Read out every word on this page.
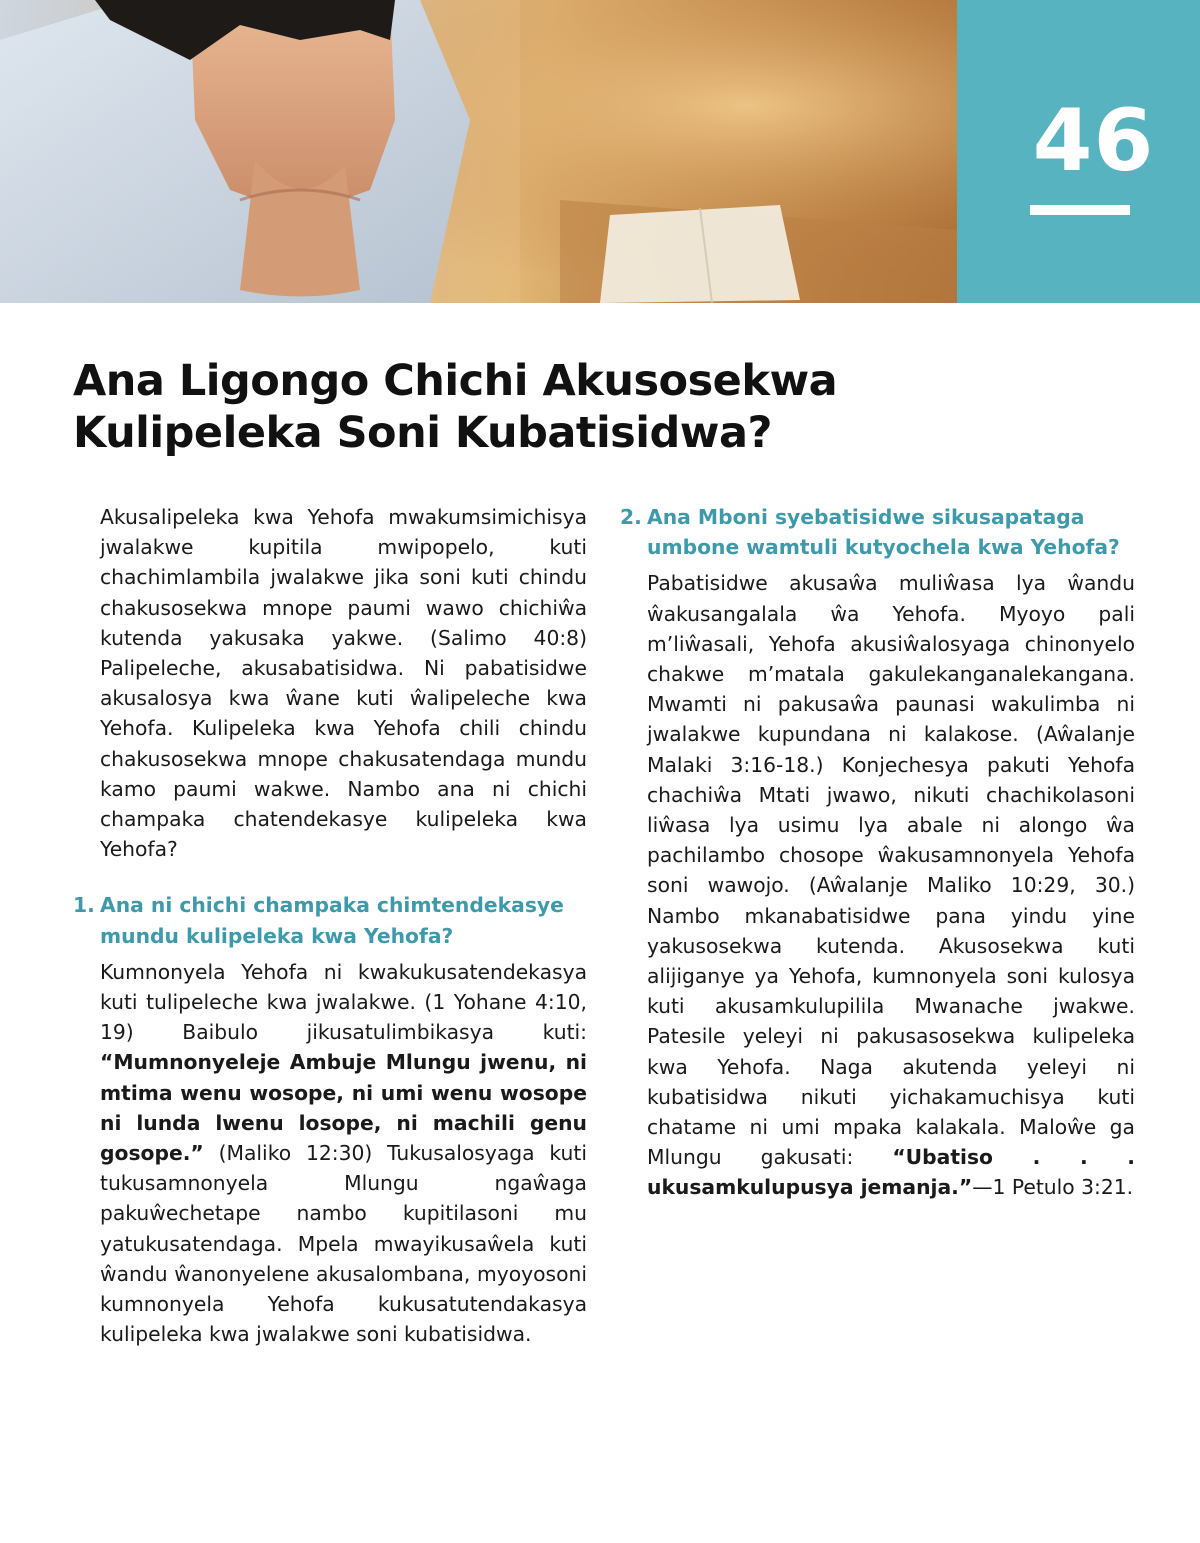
46
Ana Ligongo Chichi Akusosekwa
Kulipeleka Soni Kubatisidwa?

Akusalipeleka kwa Yehofa mwakumsimichisya jwalakwe kupitila mwipopelo, kuti chachimlambila jwalakwe jika soni kuti chindu chakusosekwa mnope paumi wawo chichiŵa kutenda yakusaka yakwe. (Salimo 40:8) Palipeleche, akusabatisidwa. Ni pabatisidwe akusalosya kwa ŵane kuti ŵalipeleche kwa Yehofa. Kulipeleka kwa Yehofa chili chindu chakusosekwa mnope chakusatendaga mundu kamo paumi wakwe. Nambo ana ni chichi champaka chatendekasye kulipeleka kwa Yehofa?

1. Ana ni chichi champaka chimtendekasye mundu kulipeleka kwa Yehofa?

Kumnonyela Yehofa ni kwakukusatendekasya kuti tulipeleche kwa jwalakwe. (1 Yohane 4:10, 19) Baibulo jikusatulimbikasya kuti: “Mumnonyeleje Ambuje Mlungu jwenu, ni mtima wenu wosope, ni umi wenu wosope ni lunda lwenu losope, ni machili genu gosope.” (Maliko 12:30) Tukusalosyaga kuti tukusamnonyela Mlungu ngaŵaga pakuŵechetape nambo kupitilasoni mu yatukusatendaga. Mpela mwayikusaŵela kuti ŵandu ŵanonyelene akusalombana, myoyosoni kumnonyela Yehofa kukusatutendakasya kulipeleka kwa jwalakwe soni kubatisidwa.

2. Ana Mboni syebatisidwe sikusapataga umbone wamtuli kutyochela kwa Yehofa?

Pabatisidwe akusaŵa muliŵasa lya ŵandu ŵakusangalala ŵa Yehofa. Myoyo pali m’liŵasali, Yehofa akusiŵalosyaga chinonyelo chakwe m’matala gakulekanganalekangana. Mwamti ni pakusaŵa paunasi wakulimba ni jwalakwe kupundana ni kalakose. (Aŵalanje Malaki 3:16-18.) Konjechesya pakuti Yehofa chachiŵa Mtati jwawo, nikuti chachikolasoni liŵasa lya usimu lya abale ni alongo ŵa pachilambo chosope ŵakusamnonyela Yehofa soni wawojo. (Aŵalanje Maliko 10:29, 30.) Nambo mkanabatisidwe pana yindu yine yakusosekwa kutenda. Akusosekwa kuti alijiganye ya Yehofa, kumnonyela soni kulosya kuti akusamkulupilila Mwanache jwakwe. Patesile yeleyi ni pakusasosekwa kulipeleka kwa Yehofa. Naga akutenda yeleyi ni kubatisidwa nikuti yichakamuchisya kuti chatame ni umi mpaka kalakala. Maloŵe ga Mlungu gakusati: “Ubatiso . . . ukusamkulupusya jemanja.”—1 Petulo 3:21.
